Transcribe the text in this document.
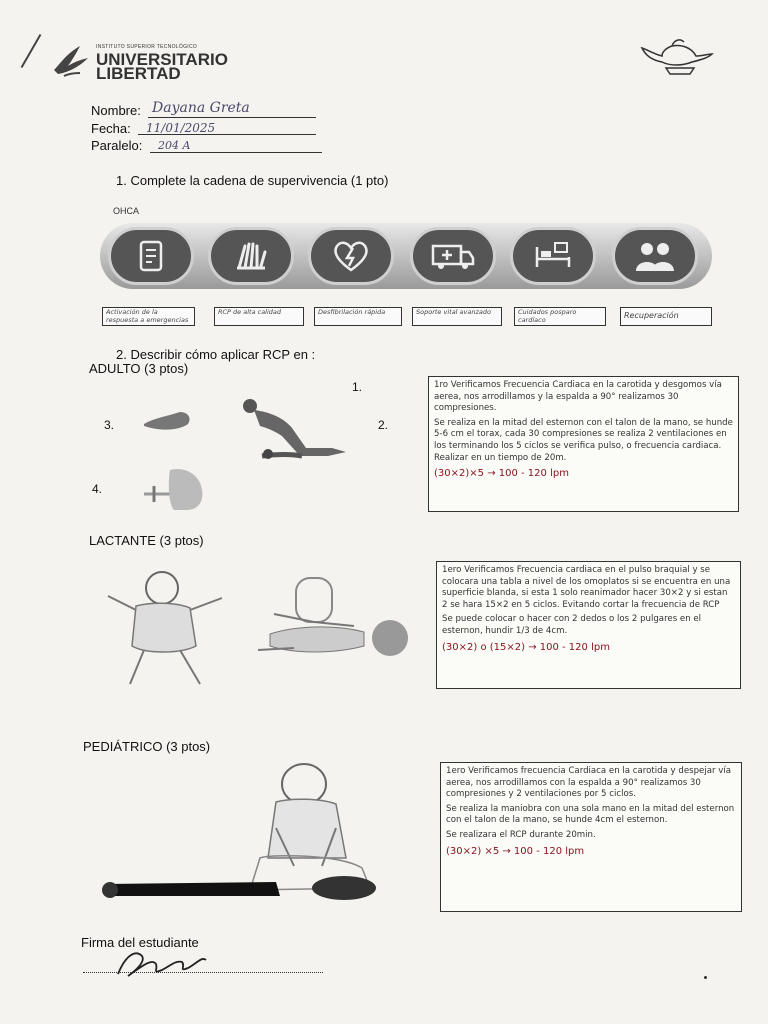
INSTITUTO SUPERIOR TECNOLÓGICO
UNIVERSITARIO
LIBERTAD
Nombre: Dayana Greta
Fecha: 11/01/2025
Paralelo: 204 A
1. Complete la cadena de supervivencia (1 pto)
OHCA
Activación de la respuesta a emergencias
RCP de alta calidad	Desfibrilación rápida	Soporte vital avanzado	Cuidados posparo cardíaco	Recuperación
2. Describir cómo aplicar RCP en :
ADULTO (3 ptos)
1.
2.
3.
4.

1ro Verificamos Frecuencia Cardiaca en la carotida y desgomos vía aerea, nos arrodillamos y la espalda a 90° realizamos 30 compresiones.

Se realiza en la mitad del esternon con el talon de la mano, se hunde 5-6 cm el torax, cada 30 compresiones se realiza 2 ventilaciones en los terminando los 5 ciclos se verifica pulso, o frecuencia cardiaca. Realizar en un tiempo de 20m.

(30×2)×5 → 100 - 120 lpm
LACTANTE (3 ptos)

1ero Verificamos Frecuencia cardiaca en el pulso braquial y se colocara una tabla a nivel de los omoplatos si se encuentra en una superficie blanda, si esta 1 solo reanimador hacer 30×2 y si estan 2 se hara 15×2 en 5 ciclos. Evitando cortar la frecuencia de RCP

Se puede colocar o hacer con 2 dedos o los 2 pulgares en el esternon, hundir 1/3 de 4cm.

(30×2) o (15×2) → 100 - 120 lpm
PEDIÁTRICO (3 ptos)

1ero Verificamos frecuencia Cardiaca en la carotida y despejar vía aerea, nos arrodillamos con la espalda a 90° realizamos 30 compresiones y 2 ventilaciones por 5 ciclos.

Se realiza la maniobra con una sola mano en la mitad del esternon con el talon de la mano, se hunde 4cm el esternon.

Se realizara el RCP durante 20min.

(30×2) ×5 → 100 - 120 lpm
Firma del estudiante
